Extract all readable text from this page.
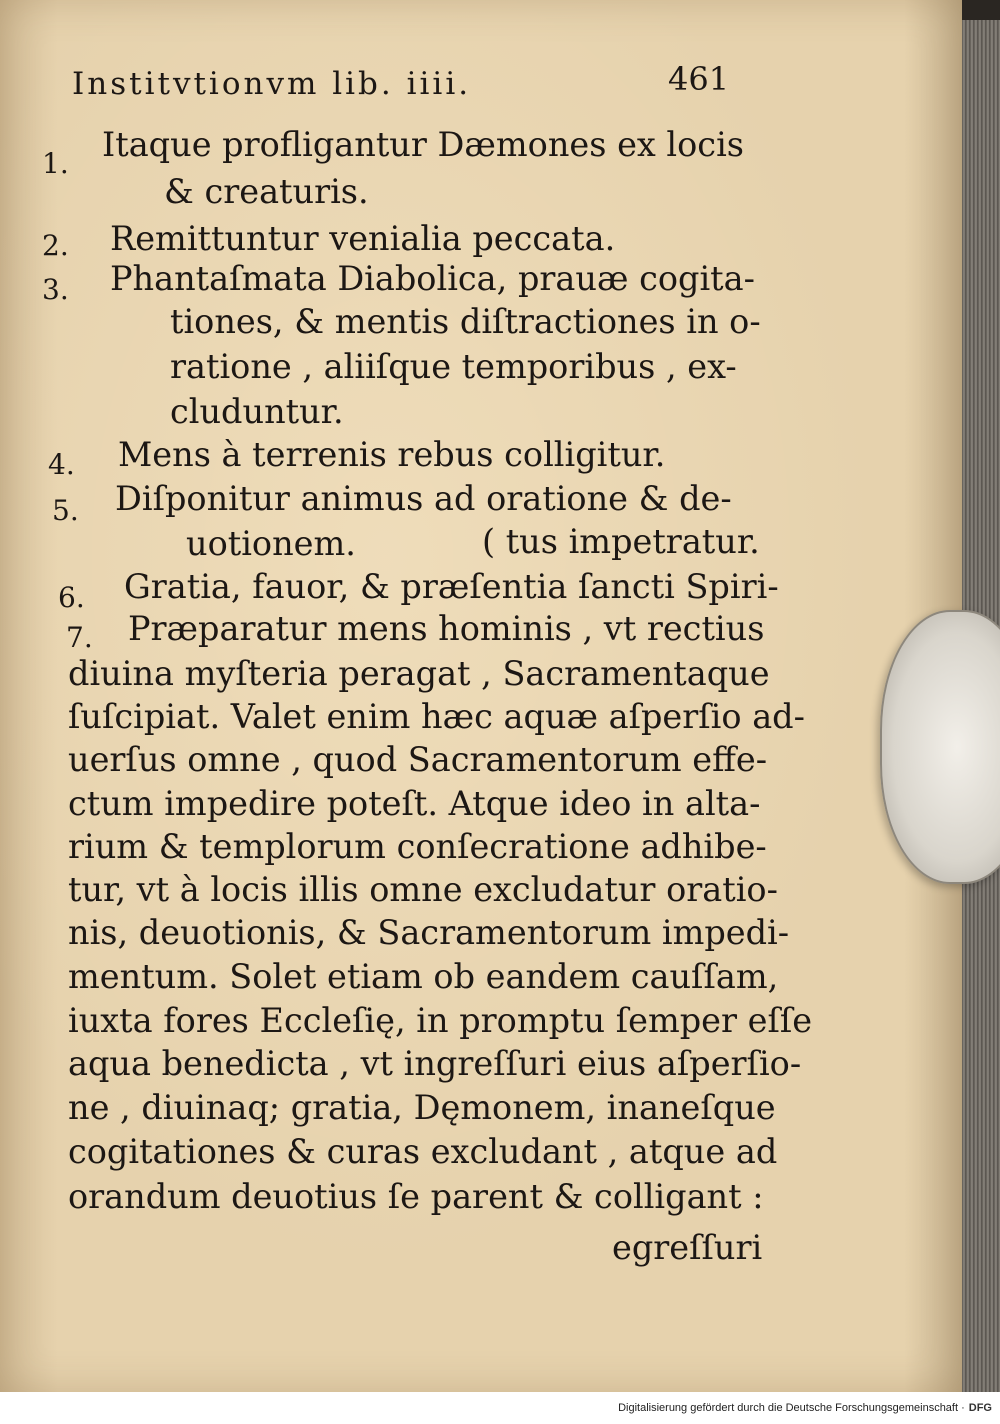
Institvtionvm lib. iiii.	461
1.
2.
3.
4.
5.
6.
7.
Itaque profligantur Dæmones ex locis
& creaturis.
Remittuntur venialia peccata.
Phantaſmata Diabolica, prauæ cogita-
tiones, & mentis diſtractiones in o-
ratione , aliiſque temporibus , ex-
cluduntur.
Mens à terrenis rebus colligitur.
Diſponitur animus ad oratione & de-
uotionem.	( tus impetratur.
Gratia, fauor, & præſentia ſancti Spiri-
Præparatur mens hominis , vt rectius
diuina myſteria peragat , Sacramentaque
ſuſcipiat. Valet enim hæc aquæ aſperſio ad-
uerſus omne , quod Sacramentorum effe-
ctum impedire poteſt. Atque ideo in alta-
rium & templorum conſecratione adhibe-
tur, vt à locis illis omne excludatur oratio-
nis, deuotionis, & Sacramentorum impedi-
mentum. Solet etiam ob eandem cauſſam,
iuxta fores Eccleſię, in promptu ſemper eſſe
aqua benedicta , vt ingreſſuri eius aſperſio-
ne , diuinaq; gratia, Dęmonem, inaneſque
cogitationes & curas excludant , atque ad
orandum deuotius ſe parent & colligant :
egreſſuri
Digitalisierung gefördert durch die Deutsche Forschungsgemeinschaft · DFG
